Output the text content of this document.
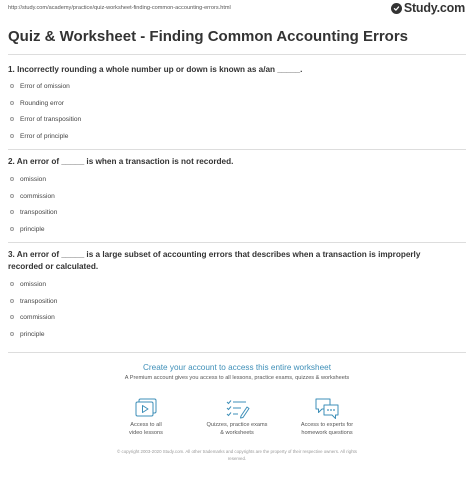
http://study.com/academy/practice/quiz-worksheet-finding-common-accounting-errors.html	Study.com
Quiz & Worksheet - Finding Common Accounting Errors
1. Incorrectly rounding a whole number up or down is known as a/an _____.
Error of omission
Rounding error
Error of transposition
Error of principle
2. An error of _____ is when a transaction is not recorded.
omission
commission
transposition
principle
3. An error of _____ is a large subset of accounting errors that describes when a transaction is improperly
recorded or calculated.
omission
transposition
commission
principle
Create your account to access this entire worksheet
A Premium account gives you access to all lessons, practice exams, quizzes & worksheets
Access to all
video lessons
Quizzes, practice exams
& worksheets
Access to experts for
homework questions
© copyright 2003-2020 Study.com. All other trademarks and copyrights are the property of their respective owners. All rights
reserved.
